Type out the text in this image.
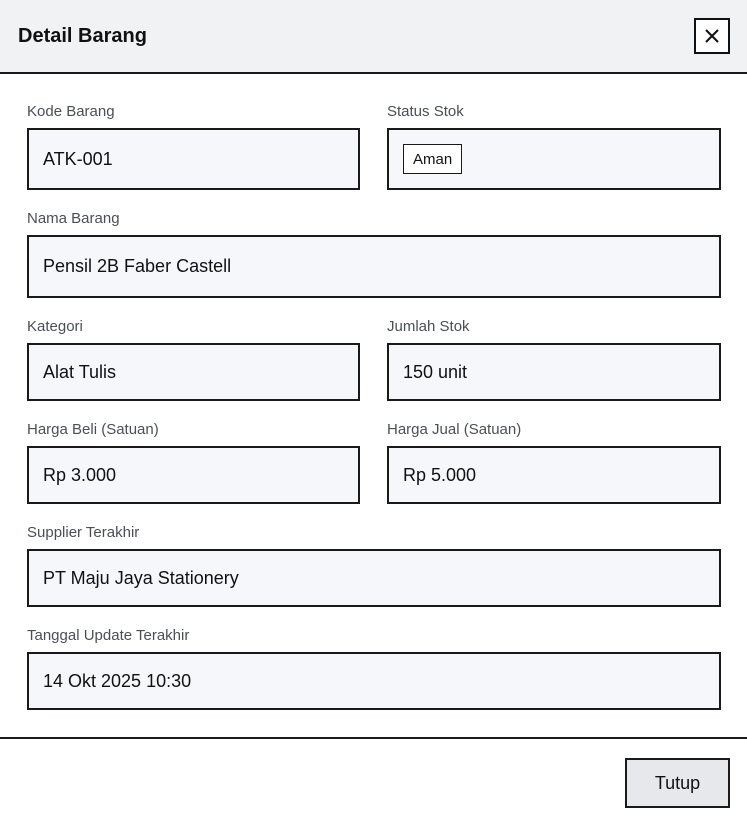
Detail Barang
Kode Barang
ATK-001
Status Stok
Aman
Nama Barang
Pensil 2B Faber Castell
Kategori
Alat Tulis
Jumlah Stok
150 unit
Harga Beli (Satuan)
Rp 3.000
Harga Jual (Satuan)
Rp 5.000
Supplier Terakhir
PT Maju Jaya Stationery
Tanggal Update Terakhir
14 Okt 2025 10:30
Tutup
